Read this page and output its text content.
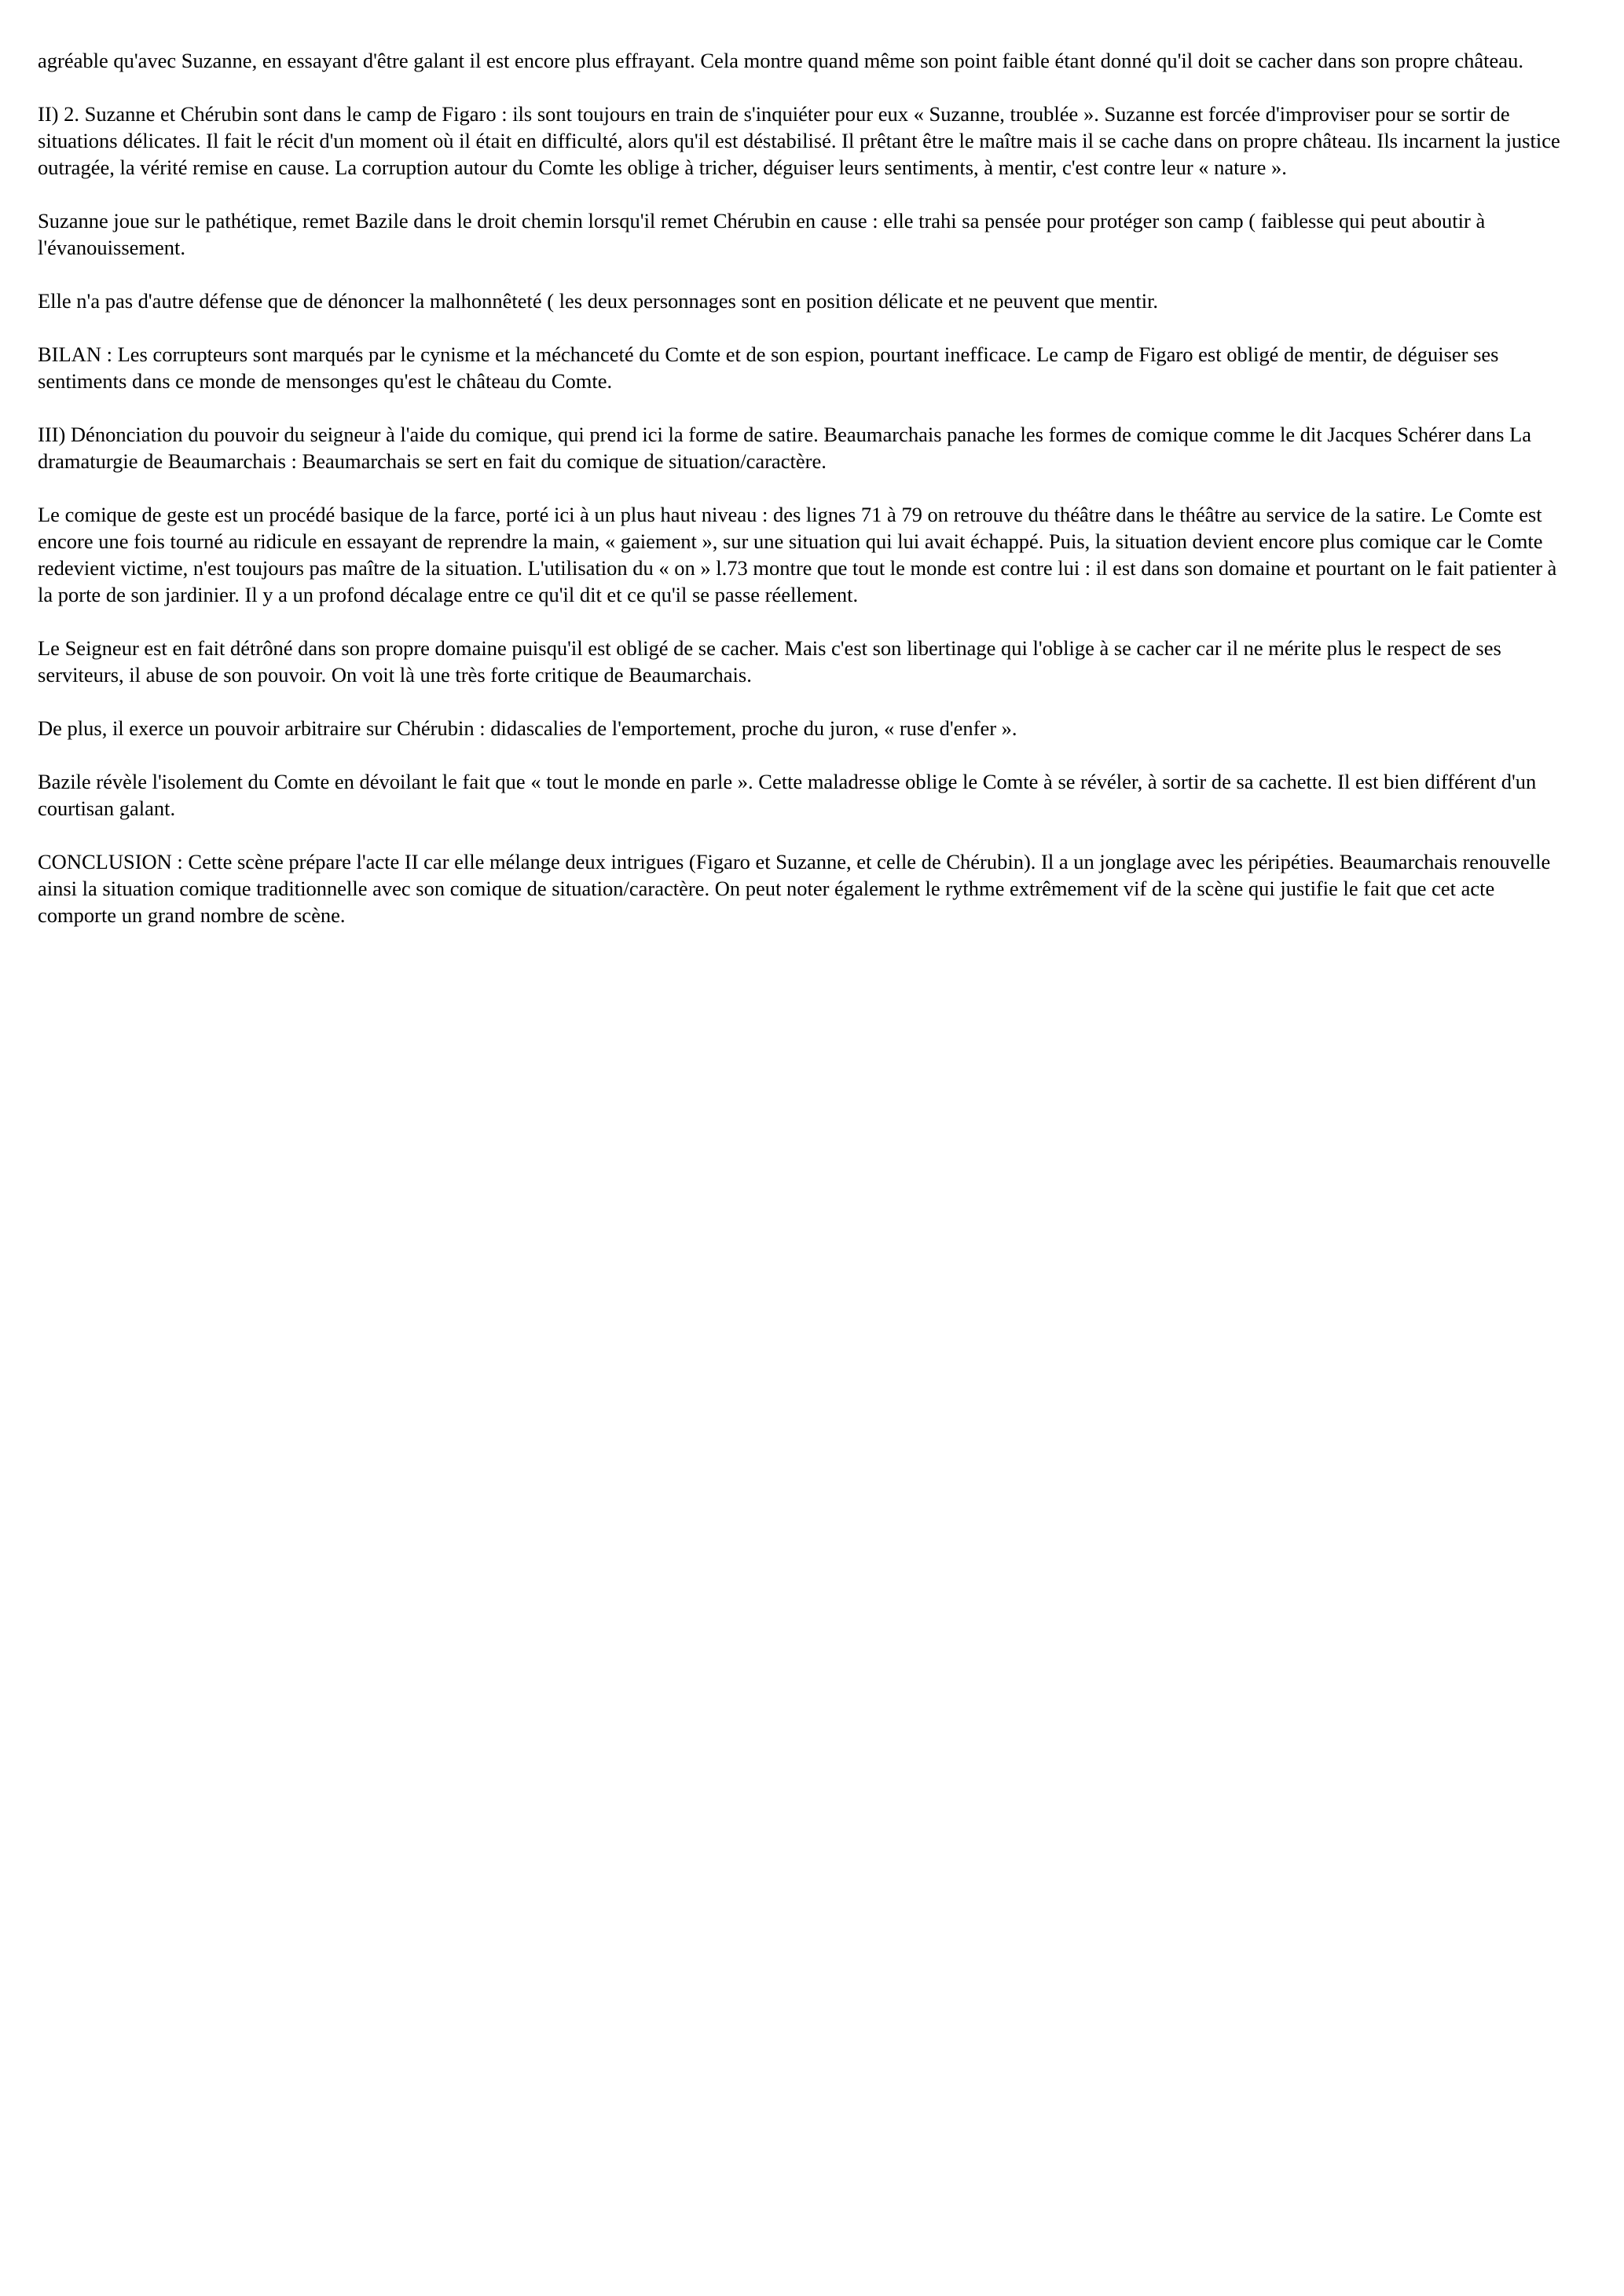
agréable qu'avec Suzanne, en essayant d'être galant il est encore plus effrayant. Cela montre quand même son point faible étant donné qu'il doit se cacher dans son propre château.

II) 2. Suzanne et Chérubin sont dans le camp de Figaro : ils sont toujours en train de s'inquiéter pour eux « Suzanne, troublée ». Suzanne est forcée d'improviser pour se sortir de situations délicates. Il fait le récit d'un moment où il était en difficulté, alors qu'il est déstabilisé. Il prêtant être le maître mais il se cache dans on propre château. Ils incarnent la justice outragée, la vérité remise en cause. La corruption autour du Comte les oblige à tricher, déguiser leurs sentiments, à mentir, c'est contre leur « nature ».

Suzanne joue sur le pathétique, remet Bazile dans le droit chemin lorsqu'il remet Chérubin en cause : elle trahi sa pensée pour protéger son camp ( faiblesse qui peut aboutir à l'évanouissement.

Elle n'a pas d'autre défense que de dénoncer la malhonnêteté ( les deux personnages sont en position délicate et ne peuvent que mentir.

BILAN : Les corrupteurs sont marqués par le cynisme et la méchanceté du Comte et de son espion, pourtant inefficace. Le camp de Figaro est obligé de mentir, de déguiser ses sentiments dans ce monde de mensonges qu'est le château du Comte.

III) Dénonciation du pouvoir du seigneur à l'aide du comique, qui prend ici la forme de satire. Beaumarchais panache les formes de comique comme le dit Jacques Schérer dans La dramaturgie de Beaumarchais : Beaumarchais se sert en fait du comique de situation/caractère.

Le comique de geste est un procédé basique de la farce, porté ici à un plus haut niveau : des lignes 71 à 79 on retrouve du théâtre dans le théâtre au service de la satire. Le Comte est encore une fois tourné au ridicule en essayant de reprendre la main, « gaiement », sur une situation qui lui avait échappé. Puis, la situation devient encore plus comique car le Comte redevient victime, n'est toujours pas maître de la situation. L'utilisation du « on » l.73 montre que tout le monde est contre lui : il est dans son domaine et pourtant on le fait patienter à la porte de son jardinier. Il y a un profond décalage entre ce qu'il dit et ce qu'il se passe réellement.

Le Seigneur est en fait détrôné dans son propre domaine puisqu'il est obligé de se cacher. Mais c'est son libertinage qui l'oblige à se cacher car il ne mérite plus le respect de ses serviteurs, il abuse de son pouvoir. On voit là une très forte critique de Beaumarchais.

De plus, il exerce un pouvoir arbitraire sur Chérubin : didascalies de l'emportement, proche du juron, « ruse d'enfer ».

Bazile révèle l'isolement du Comte en dévoilant le fait que « tout le monde en parle ». Cette maladresse oblige le Comte à se révéler, à sortir de sa cachette. Il est bien différent d'un courtisan galant.

CONCLUSION : Cette scène prépare l'acte II car elle mélange deux intrigues (Figaro et Suzanne, et celle de Chérubin). Il a un jonglage avec les péripéties. Beaumarchais renouvelle ainsi la situation comique traditionnelle avec son comique de situation/caractère. On peut noter également le rythme extrêmement vif de la scène qui justifie le fait que cet acte comporte un grand nombre de scène.
